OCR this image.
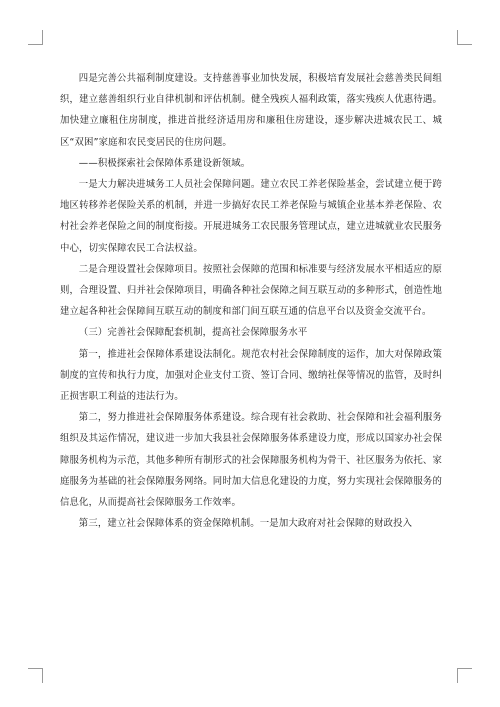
四是完善公共福利制度建设。支持慈善事业加快发展，积极培育发展社会慈善类民间组织，建立慈善组织行业自律机制和评估机制。健全残疾人福利政策，落实残疾人优惠待遇。加快建立廉租住房制度，推进首批经济适用房和廉租住房建设，逐步解决进城农民工、城区“双困”家庭和农民变居民的住房问题。

——积极探索社会保障体系建设新领域。

一是大力解决进城务工人员社会保障问题。建立农民工养老保险基金，尝试建立便于跨地区转移养老保险关系的机制，并进一步搞好农民工养老保险与城镇企业基本养老保险、农村社会养老保险之间的制度衔接。开展进城务工农民服务管理试点，建立进城就业农民服务中心，切实保障农民工合法权益。

二是合理设置社会保障项目。按照社会保障的范围和标准要与经济发展水平相适应的原则，合理设置、归并社会保障项目，明确各种社会保障之间互联互动的多种形式，创造性地建立起各种社会保障间互联互动的制度和部门间互联互通的信息平台以及资金交流平台。

（三）完善社会保障配套机制，提高社会保障服务水平

第一，推进社会保障体系建设法制化。规范农村社会保障制度的运作，加大对保障政策制度的宣传和执行力度，加强对企业支付工资、签订合同、缴纳社保等情况的监管，及时纠正损害职工利益的违法行为。

第二，努力推进社会保障服务体系建设。综合现有社会救助、社会保障和社会福利服务组织及其运作情况，建议进一步加大我县社会保障服务体系建设力度，形成以国家办社会保障服务机构为示范，其他多种所有制形式的社会保障服务机构为骨干、社区服务为依托、家庭服务为基础的社会保障服务网络。同时加大信息化建设的力度，努力实现社会保障服务的信息化，从而提高社会保障服务工作效率。

第三，建立社会保障体系的资金保障机制。一是加大政府对社会保障的财政投入
